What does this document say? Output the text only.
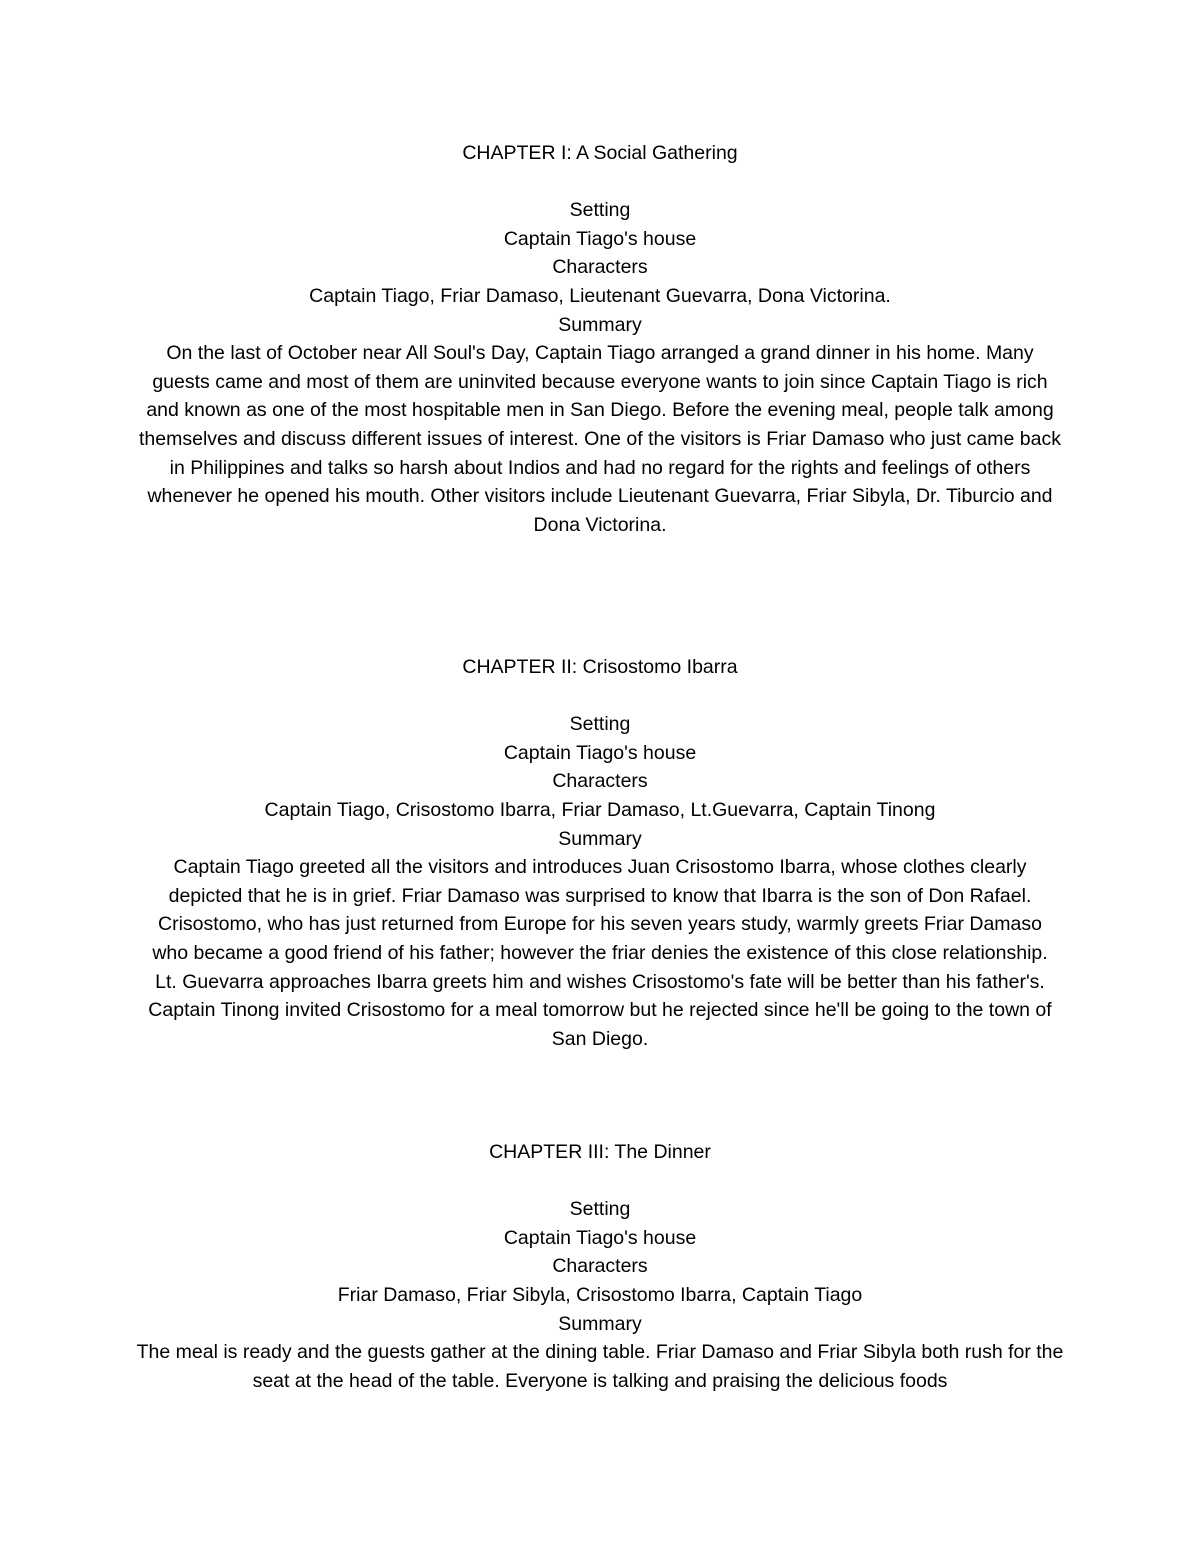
CHAPTER I: A Social Gathering
Setting
Captain Tiago's house
Characters
Captain Tiago, Friar Damaso, Lieutenant Guevarra, Dona Victorina.
Summary
On the last of October near All Soul's Day, Captain Tiago arranged a grand dinner in his home. Many guests came and most of them are uninvited because everyone wants to join since Captain Tiago is rich and known as one of the most hospitable men in San Diego. Before the evening meal, people talk among themselves and discuss different issues of interest. One of the visitors is Friar Damaso who just came back in Philippines and talks so harsh about Indios and had no regard for the rights and feelings of others whenever he opened his mouth. Other visitors include Lieutenant Guevarra, Friar Sibyla, Dr. Tiburcio and Dona Victorina.
CHAPTER II: Crisostomo Ibarra
Setting
Captain Tiago's house
Characters
Captain Tiago, Crisostomo Ibarra, Friar Damaso, Lt.Guevarra, Captain Tinong
Summary
Captain Tiago greeted all the visitors and introduces Juan Crisostomo Ibarra, whose clothes clearly depicted that he is in grief. Friar Damaso was surprised to know that Ibarra is the son of Don Rafael. Crisostomo, who has just returned from Europe for his seven years study, warmly greets Friar Damaso who became a good friend of his father; however the friar denies the existence of this close relationship. Lt. Guevarra approaches Ibarra greets him and wishes Crisostomo's fate will be better than his father's. Captain Tinong invited Crisostomo for a meal tomorrow but he rejected since he'll be going to the town of San Diego.
CHAPTER III: The Dinner
Setting
Captain Tiago's house
Characters
Friar Damaso, Friar Sibyla, Crisostomo Ibarra, Captain Tiago
Summary
The meal is ready and the guests gather at the dining table. Friar Damaso and Friar Sibyla both rush for the seat at the head of the table. Everyone is talking and praising the delicious foods
